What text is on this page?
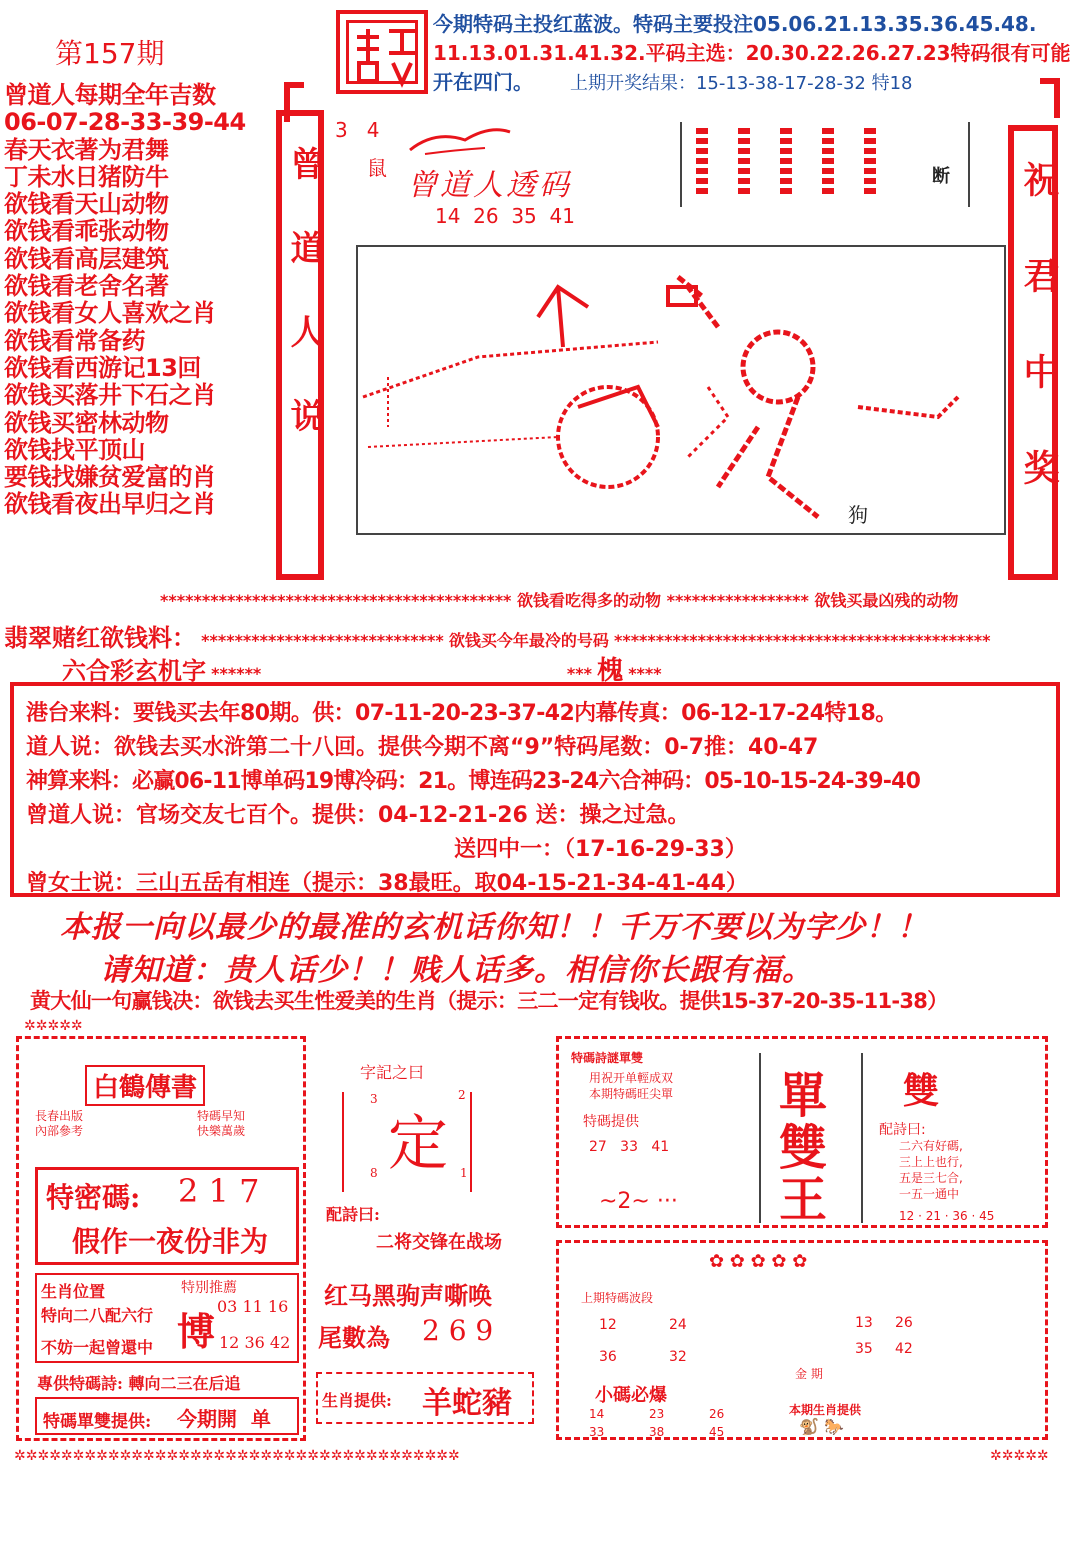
第157期
曾道人每期全年吉数
06-07-28-33-39-44
春天衣著为君舞
丁未水日猪防牛
欲钱看天山动物
欲钱看乖张动物
欲钱看高层建筑
欲钱看老舍名著
欲钱看女人喜欢之肖
欲钱看常备药
欲钱看西游记13回
欲钱买落井下石之肖
欲钱买密林动物
欲钱找平顶山
要钱找嫌贫爱富的肖
欲钱看夜出早归之肖
今期特码主投红蓝波。特码主要投注05.06.21.13.35.36.45.48.
11.13.01.31.41.32.平码主选：20.30.22.26.27.23特码很有可能
开在四门。 上期开奖结果：15-13-38-17-28-32 特18
曾道人说	祝君中奖
3   4
鼠 曾道人透码
14  26  35  41
断
狗
****************************************** 欲钱看吃得多的动物 ***************** 欲钱买最凶残的动物
翡翠赌红欲钱料： ***************************** 欲钱买今年最冷的号码 *********************************************
六合彩玄机字 ******	*** 槐 ****
港台来料：要钱买去年80期。供：07-11-20-23-37-42内幕传真：06-12-17-24特18。
道人说：欲钱去买水浒第二十八回。提供今期不离“9”特码尾数：0-7推：40-47
神算来料：必赢06-11博单码19博冷码：21。博连码23-24六合神码：05-10-15-24-39-40
曾道人说：官场交友七百个。提供：04-12-21-26 送：操之过急。
送四中一：（17-16-29-33）
曾女士说：三山五岳有相连（提示：38最旺。取04-15-21-34-41-44）
本报一向以最少的最准的玄机话你知！！千万不要以为字少！！
请知道：贵人话少！！贱人话多。相信你长跟有福。
黄大仙一句赢钱决：欲钱去买生性爱美的生肖（提示：三二一定有钱收。提供15-37-20-35-11-38）
✲✲✲✲✲
✲✲✲✲✲✲✲✲✲✲✲✲✲✲✲✲✲✲✲✲✲✲✲✲✲✲✲✲✲✲✲✲✲✲✲✲✲✲	✲✲✲✲✲
白鶴傳書
長春出版 內部參考
特碼早知 快樂萬歲
特密碼: 2 1 7
假作一夜份非为
生肖位置
特向二八配六行
不妨一起曾還中
特別推薦
博
03 11 16
12 36 42
專供特碼詩: 轉向二三在后追
特碼單雙提供: 今期開  单
字記之曰
3	2
定
8	1
配詩曰:
二将交锋在战场
红马黑驹声嘶唤
尾數為 2 6 9
生肖提供: 羊蛇豬
特碼詩謎單雙
用祝开单輕成双
本期特碼旺尖單
特碼提供
27   33   41
~2~ ···
單
雙
王
雙
配詩曰:
二六有好碼,
三上上也行,
五是三七合,
一五一通中
12 · 21 · 36 · 45
✿ ✿ ✿ ✿ ✿
上期特碼波段
12	24
36	32
13 26
35 42
金 期
小碼必爆
14	23	26
33	38	45
本期生肖提供
🐒 🐎
